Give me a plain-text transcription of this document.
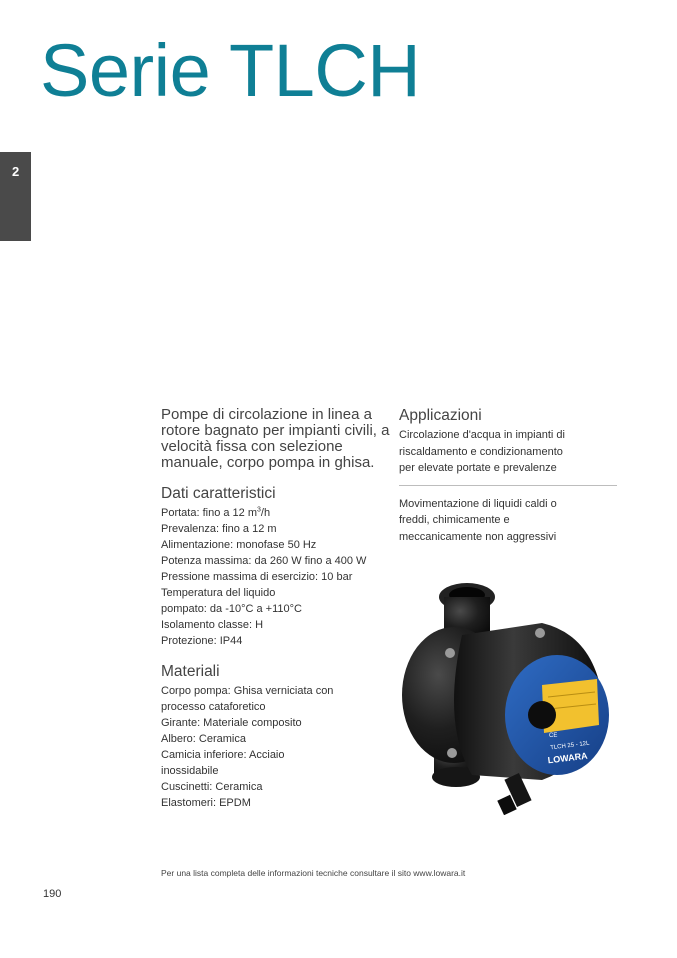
Serie TLCH
2

Pompe di circolazione in linea a rotore bagnato per impianti civili, a velocità fissa con selezione manuale, corpo pompa in ghisa.

Dati caratteristici
Portata: fino a 12 $m^3/h$
Prevalenza: fino a 12 m
Alimentazione: monofase 50 Hz
Potenza massima: da 260 W fino a 400 W
Pressione massima di esercizio: 10 bar
Temperatura del liquido
pompato: da -10°C a +110°C
Isolamento classe: H
Protezione: IP44
Materiali
Corpo pompa: Ghisa verniciata con
processo cataforetico
Girante: Materiale composito
Albero: Ceramica
Camicia inferiore: Acciaio
inossidabile
Cuscinetti: Ceramica
Elastomeri: EPDM
Applicazioni
Circolazione d'acqua in impianti di
riscaldamento e condizionamento
per elevate portate e prevalenze
Movimentazione di liquidi caldi o
freddi, chimicamente e
meccanicamente non aggressivi
TLCH 25 - 12L
CE
LOWARA
Per una lista completa delle informazioni tecniche consultare il sito www.lowara.it
190
